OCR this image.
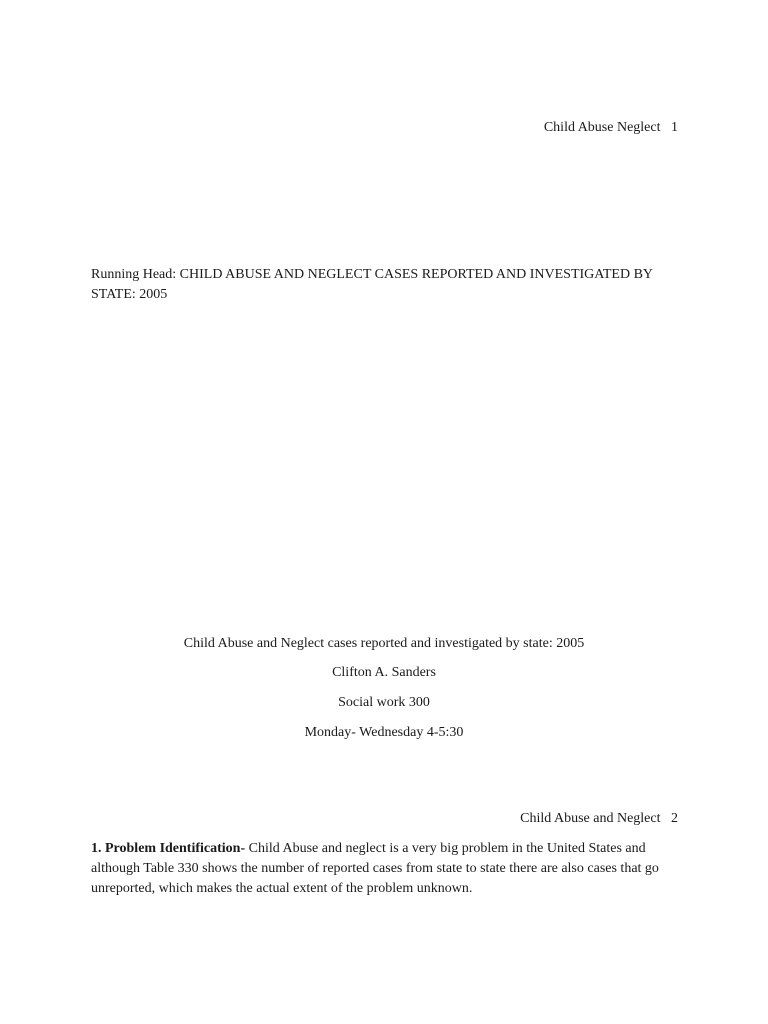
Child Abuse Neglect   1
Running Head: CHILD ABUSE AND NEGLECT CASES REPORTED AND INVESTIGATED BY STATE: 2005
Child Abuse and Neglect cases reported and investigated by state: 2005
Clifton A. Sanders
Social work 300
Monday- Wednesday 4-5:30
Child Abuse and Neglect   2
1. Problem Identification- Child Abuse and neglect is a very big problem in the United States and although Table 330 shows the number of reported cases from state to state there are also cases that go unreported, which makes the actual extent of the problem unknown.
